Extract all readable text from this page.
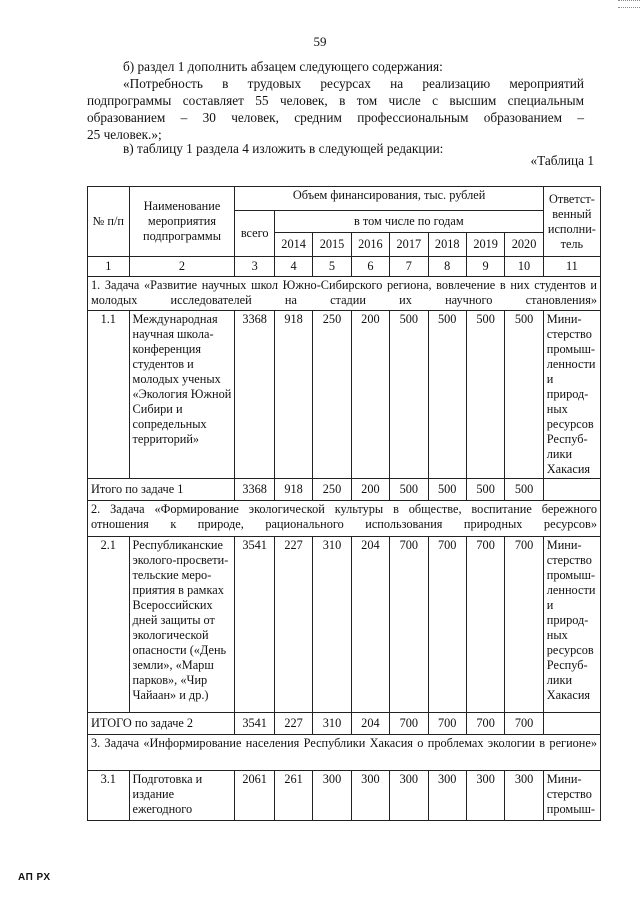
59

б) раздел 1 дополнить абзацем следующего содержания:

«Потребность в трудовых ресурсах на реализацию мероприятий

подпрограммы составляет 55 человек, в том числе с высшим специальным

образованием – 30 человек, средним профессиональным образованием –

25 человек.»;

в) таблицу 1 раздела 4 изложить в следующей редакции:

«Таблица 1
№ п/п	Наименование мероприятия подпрограммы	Объем финансирования, тыс. рублей								Ответст-венный исполни-тель
		всего	в том числе по годам							
			2014	2015	2016	2017	2018	2019	2020	
1	2	3	4	5	6	7	8	9	10	11
1. Задача «Развитие научных школ Южно-Сибирского региона, вовлечение в них студентов и молодых исследователей на стадии их научного становления»										
1.1	Международная научная школа-конференция студентов и молодых ученых «Экология Южной Сибири и сопредельных территорий»	3368	918	250	200	500	500	500	500	Мини-стерство промыш-ленности и природ-ных ресурсов Респуб-лики Хакасия
Итого по задаче 1		3368	918	250	200	500	500	500	500	
2. Задача «Формирование экологической культуры в обществе, воспитание бережного отношения к природе, рационального использования природных ресурсов»										
2.1	Республиканские эколого-просвети-тельские меро-приятия в рамках Всероссийских дней защиты от экологической опасности («День земли», «Марш парков», «Чир Чайаан» и др.)	3541	227	310	204	700	700	700	700	Мини-стерство промыш-ленности и природ-ных ресурсов Респуб-лики Хакасия
ИТОГО по задаче 2		3541	227	310	204	700	700	700	700	
3. Задача «Информирование населения Республики Хакасия о проблемах экологии в регионе»										
3.1	Подготовка и издание ежегодного	2061	261	300	300	300	300	300	300	Мини-стерство промыш-
АП РХ
